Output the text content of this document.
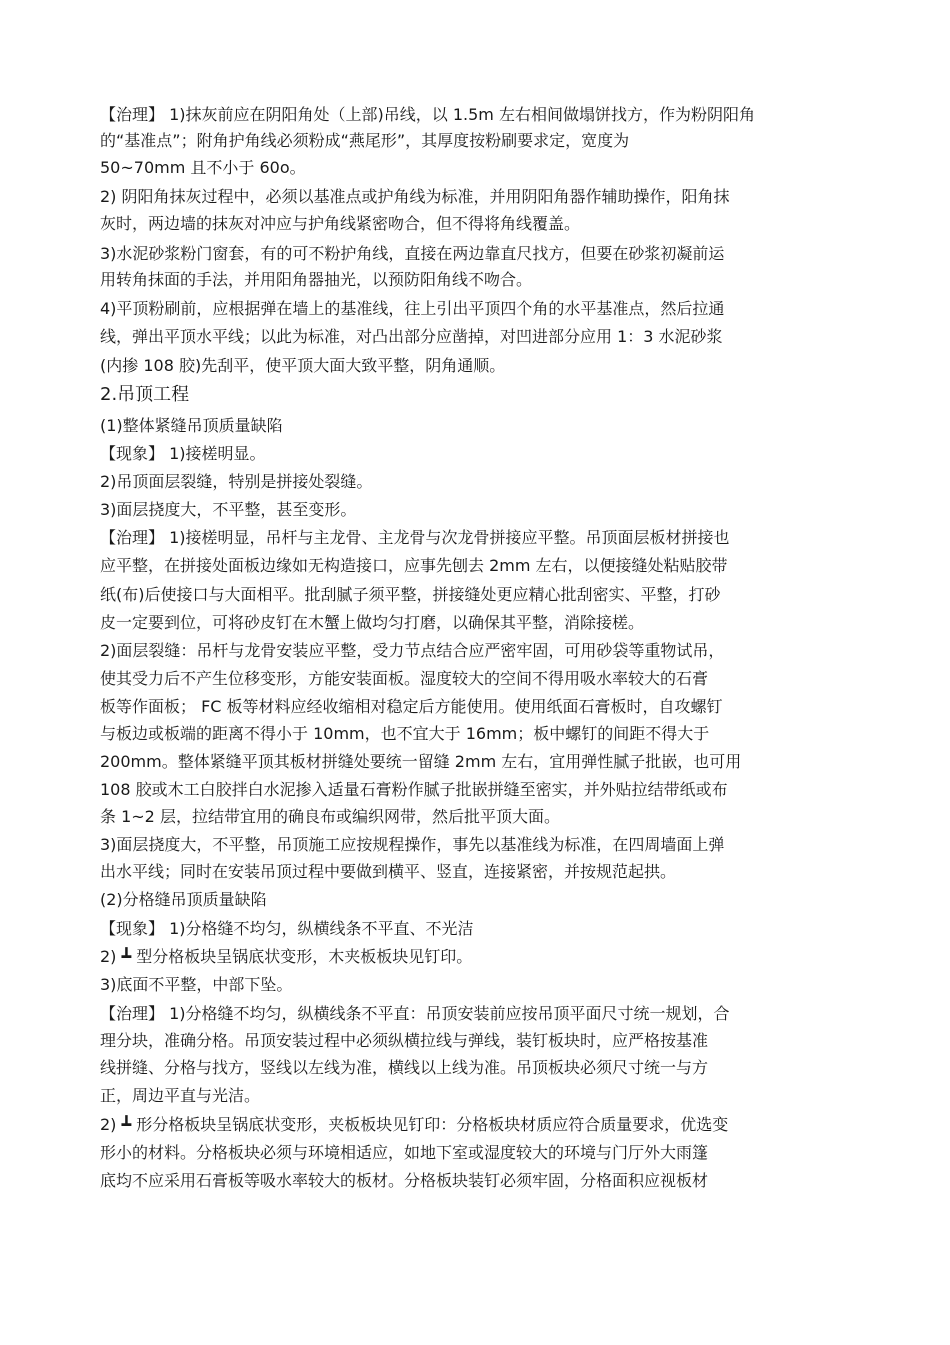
【治理】 1)抹灰前应在阴阳角处（上部)吊线，以 1.5m 左右相间做塌饼找方，作为粉阴阳角
的“基准点”；附角护角线必须粉成“燕尾形”，其厚度按粉刷要求定，宽度为
50~70mm 且不小于 60o。
2) 阴阳角抹灰过程中，必须以基准点或护角线为标准，并用阴阳角器作辅助操作，阳角抹
灰时，两边墙的抹灰对冲应与护角线紧密吻合，但不得将角线覆盖。
3)水泥砂浆粉门窗套，有的可不粉护角线，直接在两边靠直尺找方，但要在砂浆初凝前运
用转角抹面的手法，并用阳角器抽光，以预防阳角线不吻合。
4)平顶粉刷前，应根据弹在墙上的基准线，往上引出平顶四个角的水平基准点，然后拉通
线，弹出平顶水平线；以此为标准，对凸出部分应凿掉，对凹进部分应用 1：3 水泥砂浆
(内掺 108 胶)先刮平，使平顶大面大致平整，阴角通顺。
2.吊顶工程
(1)整体紧缝吊顶质量缺陷
【现象】 1)接槎明显。
2)吊顶面层裂缝，特别是拼接处裂缝。
3)面层挠度大，不平整，甚至变形。
【治理】 1)接槎明显，吊杆与主龙骨、主龙骨与次龙骨拼接应平整。吊顶面层板材拼接也
应平整，在拼接处面板边缘如无构造接口，应事先刨去 2mm 左右，以便接缝处粘贴胶带
纸(布)后使接口与大面相平。批刮腻子须平整，拼接缝处更应精心批刮密实、平整，打砂
皮一定要到位，可将砂皮钉在木蟹上做均匀打磨，以确保其平整，消除接槎。
2)面层裂缝：吊杆与龙骨安装应平整，受力节点结合应严密牢固，可用砂袋等重物试吊，
使其受力后不产生位移变形，方能安装面板。湿度较大的空间不得用吸水率较大的石膏
板等作面板； FC 板等材料应经收缩相对稳定后方能使用。使用纸面石膏板时，自攻螺钉
与板边或板端的距离不得小于 10mm，也不宜大于 16mm；板中螺钉的间距不得大于
200mm。整体紧缝平顶其板材拼缝处要统一留缝 2mm 左右，宜用弹性腻子批嵌，也可用
108 胶或木工白胶拌白水泥掺入适量石膏粉作腻子批嵌拼缝至密实，并外贴拉结带纸或布
条 1~2 层，拉结带宜用的确良布或编织网带，然后批平顶大面。
3)面层挠度大，不平整，吊顶施工应按规程操作，事先以基准线为标准，在四周墙面上弹
出水平线；同时在安装吊顶过程中要做到横平、竖直，连接紧密，并按规范起拱。
(2)分格缝吊顶质量缺陷
【现象】 1)分格缝不均匀，纵横线条不平直、不光洁
2) ┻ 型分格板块呈锅底状变形，木夹板板块见钉印。
3)底面不平整，中部下坠。
【治理】 1)分格缝不均匀，纵横线条不平直：吊顶安装前应按吊顶平面尺寸统一规划，合
理分块，准确分格。吊顶安装过程中必须纵横拉线与弹线，装钉板块时，应严格按基准
线拼缝、分格与找方，竖线以左线为准，横线以上线为准。吊顶板块必须尺寸统一与方
正，周边平直与光洁。
2) ┻ 形分格板块呈锅底状变形，夹板板块见钉印：分格板块材质应符合质量要求，优选变
形小的材料。分格板块必须与环境相适应，如地下室或湿度较大的环境与门厅外大雨篷
底均不应采用石膏板等吸水率较大的板材。分格板块装钉必须牢固，分格面积应视板材
